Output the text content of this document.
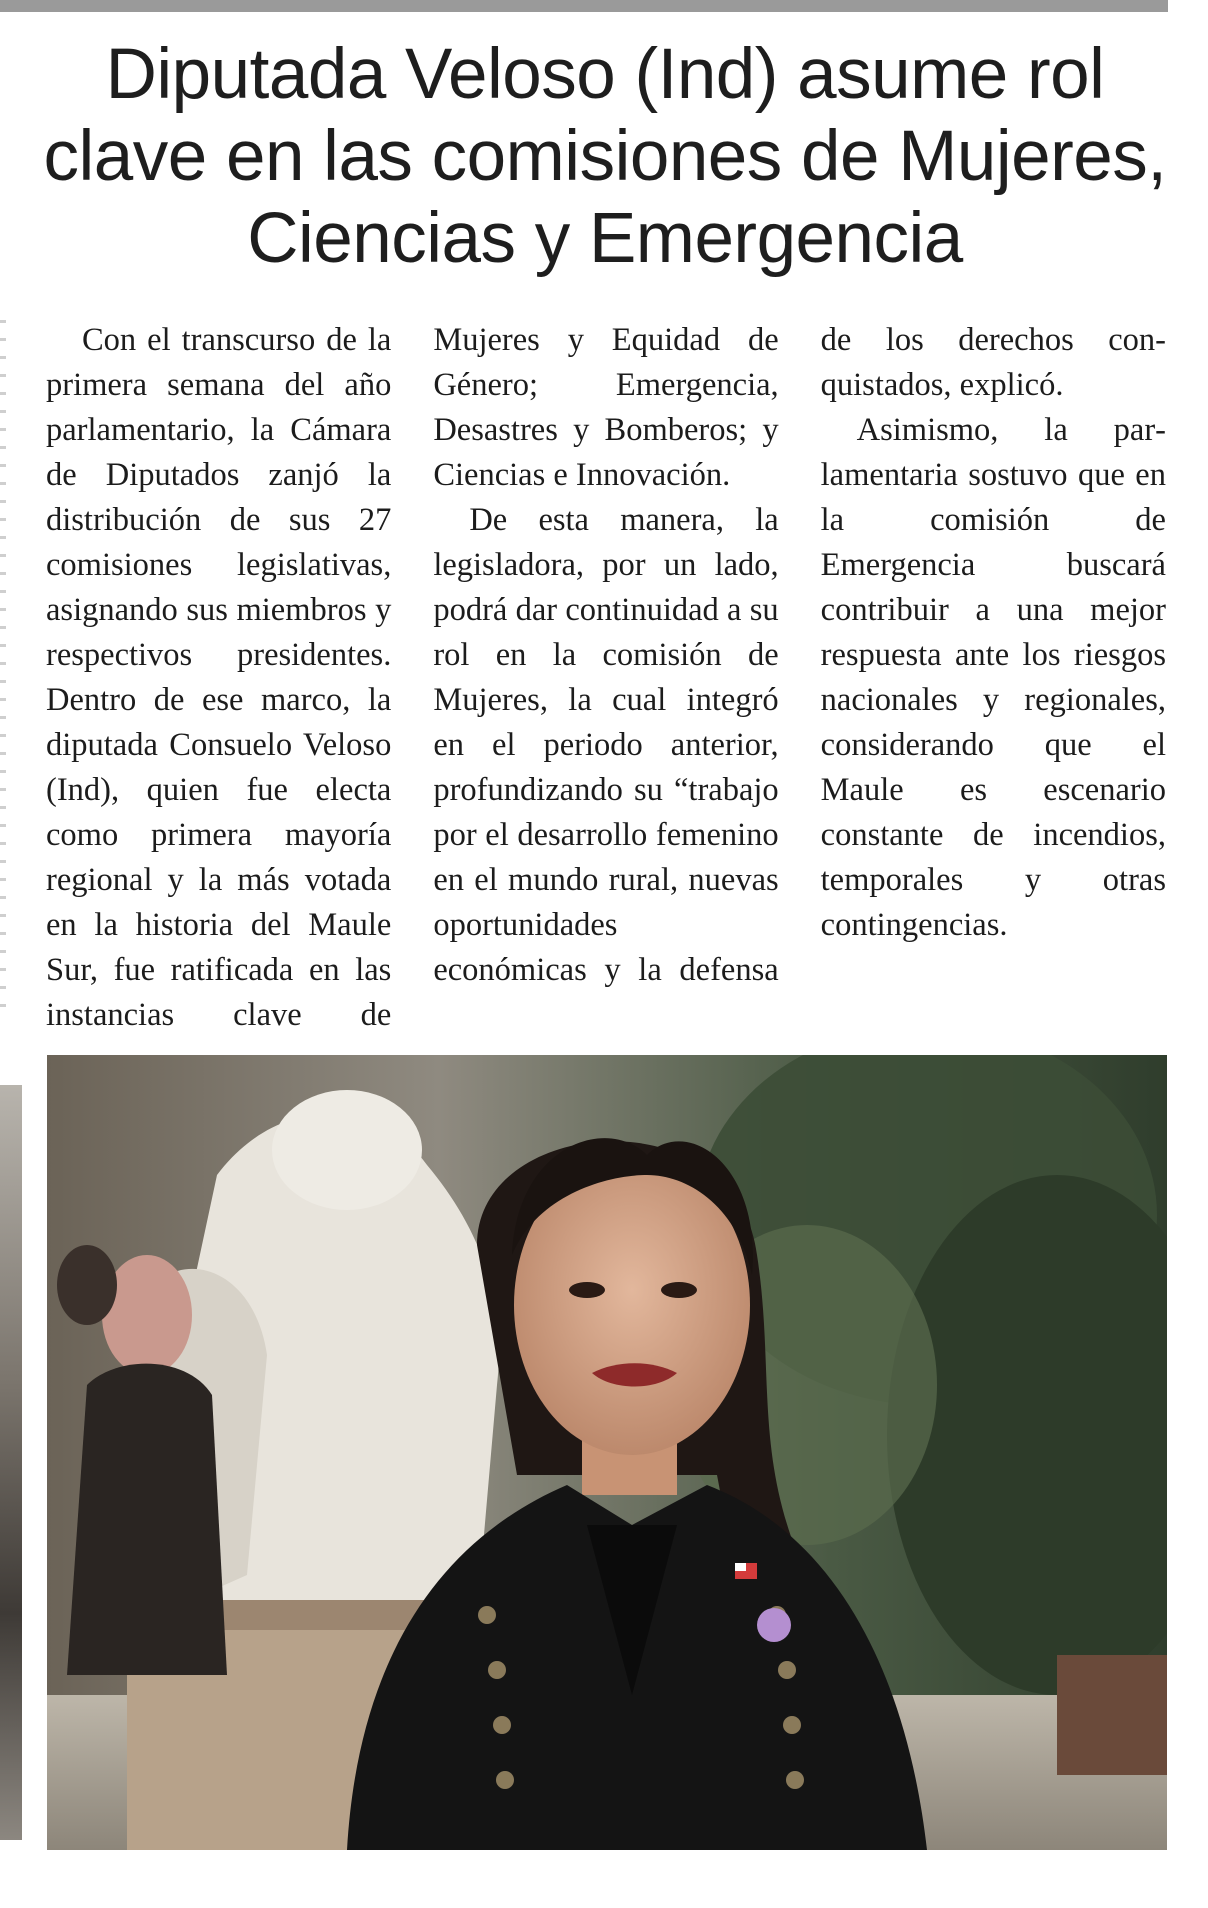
Diputada Veloso (Ind) asume rol clave en las comisiones de Mujeres, Ciencias y Emergencia

Con el transcurso de la primera semana del año parlamentario, la Cámara de Diputados zanjó la distribución de sus 27 comisiones legislativas, asignando sus miembros y respectivos presidentes. Dentro de ese marco, la diputada Consuelo Veloso (Ind), quien fue electa como primera mayoría regional y la más votada en la historia del Maule Sur, fue ratificada en las instancias clave de Mujeres y Equidad de Género; Emergencia, Desastres y Bomberos; y Ciencias e Innovación.

De esta manera, la legisladora, por un lado, podrá dar continuidad a su rol en la comisión de Mujeres, la cual integró en el periodo anterior, profundizando su “trabajo por el desarrollo femenino en el mundo rural, nuevas oportunidades económicas y la defensa de los derechos conquistados, explicó.

Asimismo, la parlamentaria sostuvo que en la comisión de Emergencia buscará contribuir a una mejor respuesta ante los riesgos nacionales y regionales, considerando que el Maule es escenario constante de incendios, temporales y otras contingencias.
